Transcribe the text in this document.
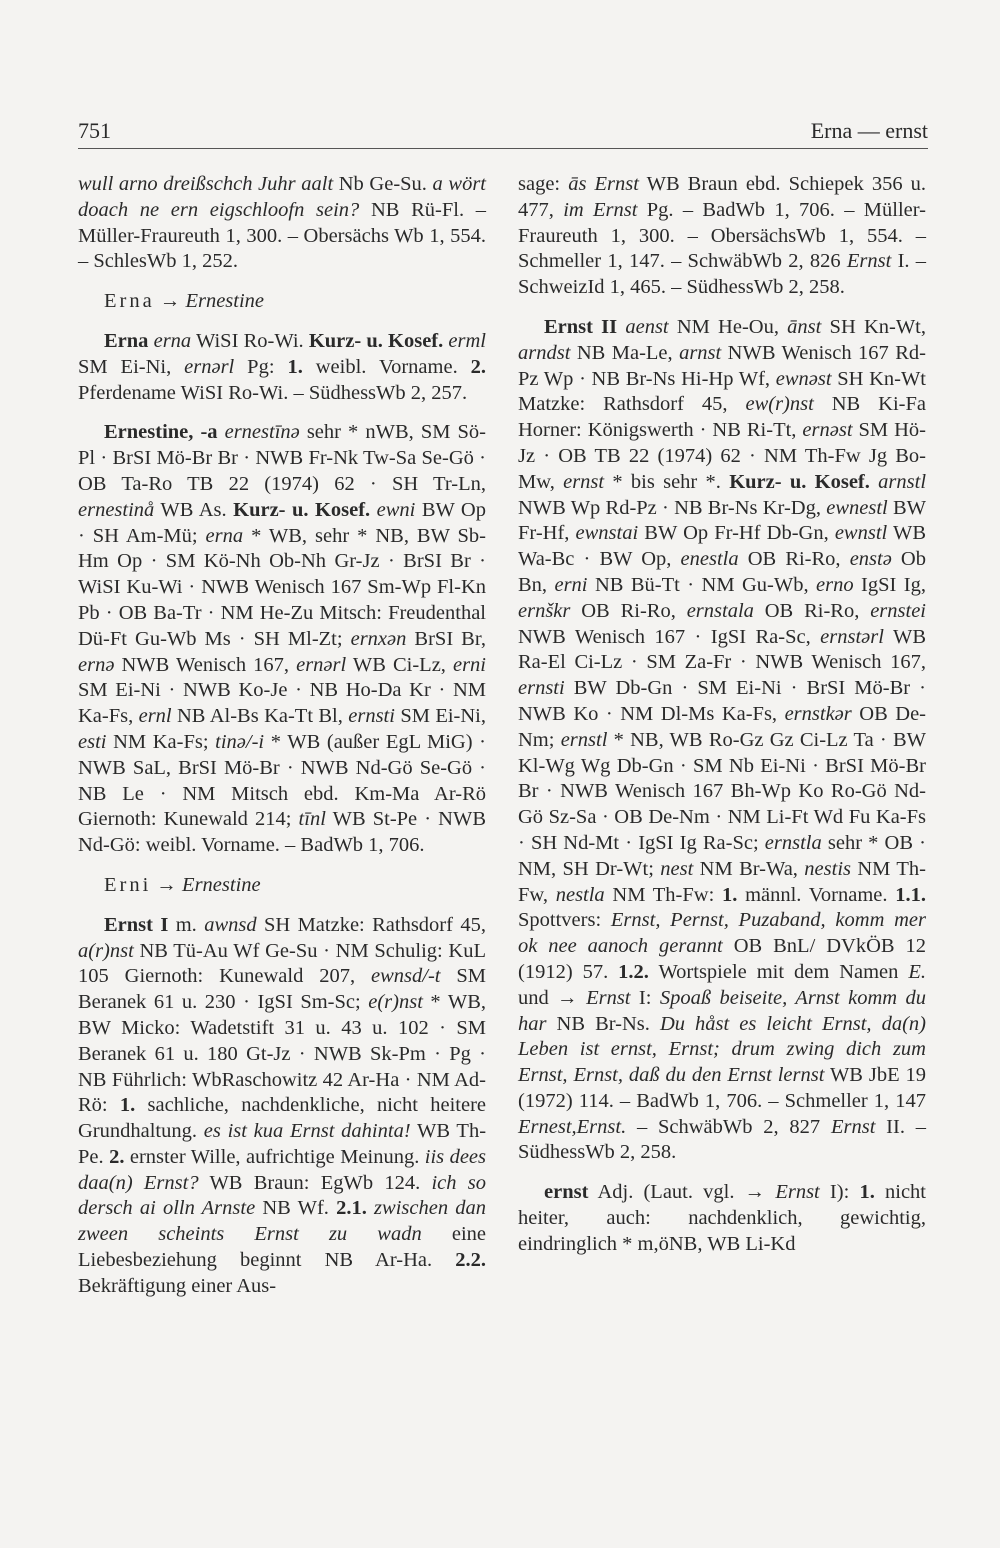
751	Erna — ernst

wull arno dreißschch Juhr aalt Nb Ge-Su. a wört doach ne ern eigschloofn sein? NB Rü-Fl. – Müller-Fraureuth 1, 300. – Obersächs Wb 1, 554. – SchlesWb 1, 252.

Erna → Ernestine

Erna erna WiSI Ro-Wi. Kurz- u. Kosef. erml SM Ei-Ni, ernərl Pg: 1. weibl. Vorname. 2. Pferdename WiSI Ro-Wi. – SüdhessWb 2, 257.

Ernestine, -a ernestīnə sehr * nWB, SM Sö-Pl · BrSI Mö-Br Br · NWB Fr-Nk Tw-Sa Se-Gö · OB Ta-Ro TB 22 (1974) 62 · SH Tr-Ln, ernestinå WB As. Kurz- u. Kosef. ewni BW Op · SH Am-Mü; erna * WB, sehr * NB, BW Sb-Hm Op · SM Kö-Nh Ob-Nh Gr-Jz · BrSI Br · WiSI Ku-Wi · NWB Wenisch 167 Sm-Wp Fl-Kn Pb · OB Ba-Tr · NM He-Zu Mitsch: Freudenthal Dü-Ft Gu-Wb Ms · SH Ml-Zt; ernxən BrSI Br, ernə NWB Wenisch 167, ernərl WB Ci-Lz, erni SM Ei-Ni · NWB Ko-Je · NB Ho-Da Kr · NM Ka-Fs, ernl NB Al-Bs Ka-Tt Bl, ernsti SM Ei-Ni, esti NM Ka-Fs; tinə/-i * WB (außer EgL MiG) · NWB SaL, BrSI Mö-Br · NWB Nd-Gö Se-Gö · NB Le · NM Mitsch ebd. Km-Ma Ar-Rö Giernoth: Kunewald 214; tīnl WB St-Pe · NWB Nd-Gö: weibl. Vorname. – BadWb 1, 706.

Erni → Ernestine

Ernst I m. awnsd SH Matzke: Rathsdorf 45, a(r)nst NB Tü-Au Wf Ge-Su · NM Schulig: KuL 105 Giernoth: Kunewald 207, ewnsd/-t SM Beranek 61 u. 230 · IgSI Sm-Sc; e(r)nst * WB, BW Micko: Wadetstift 31 u. 43 u. 102 · SM Beranek 61 u. 180 Gt-Jz · NWB Sk-Pm · Pg · NB Führlich: WbRaschowitz 42 Ar-Ha · NM Ad-Rö: 1. sachliche, nachdenkliche, nicht heitere Grundhaltung. es ist kua Ernst dahinta! WB Th-Pe. 2. ernster Wille, aufrichtige Meinung. iis dees daa(n) Ernst? WB Braun: EgWb 124. ich so dersch ai olln Arnste NB Wf. 2.1. zwischen dan zween scheints Ernst zu wadn eine Liebesbeziehung beginnt NB Ar-Ha. 2.2. Bekräftigung einer Aus-

sage: ās Ernst WB Braun ebd. Schiepek 356 u. 477, im Ernst Pg. – BadWb 1, 706. – Müller-Fraureuth 1, 300. – ObersächsWb 1, 554. – Schmeller 1, 147. – SchwäbWb 2, 826 Ernst I. – SchweizId 1, 465. – SüdhessWb 2, 258.

Ernst II aenst NM He-Ou, ānst SH Kn-Wt, arndst NB Ma-Le, arnst NWB Wenisch 167 Rd-Pz Wp · NB Br-Ns Hi-Hp Wf, ewnəst SH Kn-Wt Matzke: Rathsdorf 45, ew(r)nst NB Ki-Fa Horner: Königswerth · NB Ri-Tt, ernəst SM Hö-Jz · OB TB 22 (1974) 62 · NM Th-Fw Jg Bo-Mw, ernst * bis sehr *. Kurz- u. Kosef. arnstl NWB Wp Rd-Pz · NB Br-Ns Kr-Dg, ewnestl BW Fr-Hf, ewnstai BW Op Fr-Hf Db-Gn, ewnstl WB Wa-Bc · BW Op, enestla OB Ri-Ro, enstə Ob Bn, erni NB Bü-Tt · NM Gu-Wb, erno IgSI Ig, ernškr OB Ri-Ro, ernstala OB Ri-Ro, ernstei NWB Wenisch 167 · IgSI Ra-Sc, ernstərl WB Ra-El Ci-Lz · SM Za-Fr · NWB Wenisch 167, ernsti BW Db-Gn · SM Ei-Ni · BrSI Mö-Br · NWB Ko · NM Dl-Ms Ka-Fs, ernstkər OB De-Nm; ernstl * NB, WB Ro-Gz Gz Ci-Lz Ta · BW Kl-Wg Wg Db-Gn · SM Nb Ei-Ni · BrSI Mö-Br Br · NWB Wenisch 167 Bh-Wp Ko Ro-Gö Nd-Gö Sz-Sa · OB De-Nm · NM Li-Ft Wd Fu Ka-Fs · SH Nd-Mt · IgSI Ig Ra-Sc; ernstla sehr * OB · NM, SH Dr-Wt; nest NM Br-Wa, nestis NM Th-Fw, nestla NM Th-Fw: 1. männl. Vorname. 1.1. Spottvers: Ernst, Pernst, Puzaband, komm mer ok nee aanoch gerannt OB BnL/ DVkÖB 12 (1912) 57. 1.2. Wortspiele mit dem Namen E. und → Ernst I: Spoaß beiseite, Arnst komm du har NB Br-Ns. Du håst es leicht Ernst, da(n) Leben ist ernst, Ernst; drum zwing dich zum Ernst, Ernst, daß du den Ernst lernst WB JbE 19 (1972) 114. – BadWb 1, 706. – Schmeller 1, 147 Ernest,Ernst. – SchwäbWb 2, 827 Ernst II. – SüdhessWb 2, 258.

ernst Adj. (Laut. vgl. → Ernst I): 1. nicht heiter, auch: nachdenklich, gewichtig, eindringlich * m,öNB, WB Li-Kd
